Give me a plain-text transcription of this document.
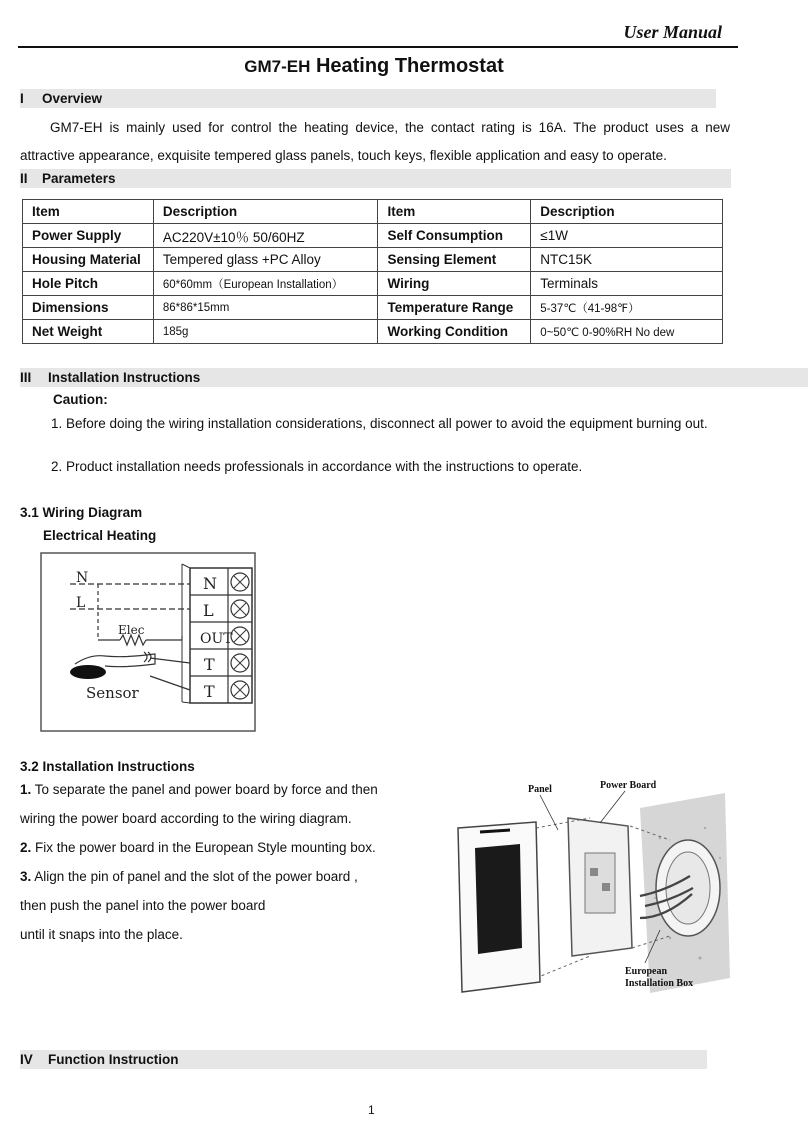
User Manual
GM7-EH Heating Thermostat
I Overview

GM7-EH is mainly used for control the heating device, the contact rating is 16A. The product uses a new attractive appearance, exquisite tempered glass panels, touch keys, flexible application and easy to operate.

II Parameters
Item	Description	Item	Description
Power Supply	AC220V±10％ 50/60HZ	Self Consumption	≤1W
Housing Material	Tempered glass +PC Alloy	Sensing Element	NTC15K
Hole Pitch	60*60mm（European Installation）	Wiring	Terminals
Dimensions	86*86*15mm	Temperature Range	5-37℃（41-98℉）
Net Weight	185g	Working Condition	0~50℃ 0-90%RH No dew
III Installation Instructions
Caution:

1. Before doing the wiring installation considerations, disconnect all power to avoid the equipment burning out.

2. Product installation needs professionals in accordance with the instructions to operate.
3.1 Wiring Diagram
Electrical Heating
N
L
OUT
T
T
N
L
Elec
Sensor
3.2 Installation Instructions
1. To separate the panel and power board by force and then
wiring the power board according to the wiring diagram.
2. Fix the power board in the European Style mounting box.
3. Align the pin of panel and the slot of the power board ,
then push the panel into the power board
until it snaps into the place.
Panel	Power Board
European
Installation Box
IV Function Instruction
1
